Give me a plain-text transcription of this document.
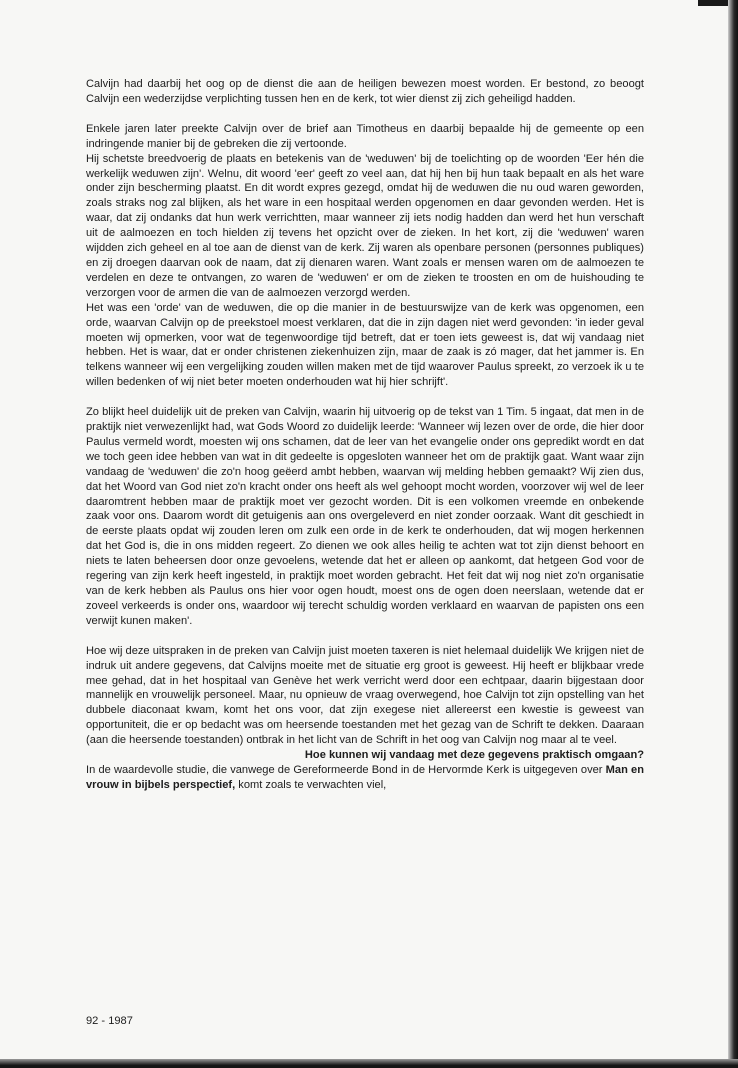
Calvijn had daarbij het oog op de dienst die aan de heiligen bewezen moest worden. Er bestond, zo beoogt Calvijn een wederzijdse verplichting tussen hen en de kerk, tot wier dienst zij zich geheiligd hadden.

Enkele jaren later preekte Calvijn over de brief aan Timotheus en daarbij bepaalde hij de gemeente op een indringende manier bij de gebreken die zij vertoonde.

Hij schetste breedvoerig de plaats en betekenis van de 'weduwen' bij de toelichting op de woorden 'Eer hén die werkelijk weduwen zijn'. Welnu, dit woord 'eer' geeft zo veel aan, dat hij hen bij hun taak bepaalt en als het ware onder zijn bescherming plaatst. En dit wordt expres gezegd, omdat hij de weduwen die nu oud waren geworden, zoals straks nog zal blijken, als het ware in een hospitaal werden opgenomen en daar gevonden werden. Het is waar, dat zij ondanks dat hun werk verrichtten, maar wanneer zij iets nodig hadden dan werd het hun verschaft uit de aalmoezen en toch hielden zij tevens het opzicht over de zieken. In het kort, zij die 'weduwen' waren wijdden zich geheel en al toe aan de dienst van de kerk. Zij waren als openbare personen (personnes publiques) en zij droegen daarvan ook de naam, dat zij dienaren waren. Want zoals er mensen waren om de aalmoezen te verdelen en deze te ontvangen, zo waren de 'weduwen' er om de zieken te troosten en om de huishouding te verzorgen voor de armen die van de aalmoezen verzorgd werden.

Het was een 'orde' van de weduwen, die op die manier in de bestuurswijze van de kerk was opgenomen, een orde, waarvan Calvijn op de preekstoel moest verklaren, dat die in zijn dagen niet werd gevonden: 'in ieder geval moeten wij opmerken, voor wat de tegenwoordige tijd betreft, dat er toen iets geweest is, dat wij vandaag niet hebben. Het is waar, dat er onder christenen ziekenhuizen zijn, maar de zaak is zó mager, dat het jammer is. En telkens wanneer wij een vergelijking zouden willen maken met de tijd waarover Paulus spreekt, zo verzoek ik u te willen bedenken of wij niet beter moeten onderhouden wat hij hier schrijft'.

Zo blijkt heel duidelijk uit de preken van Calvijn, waarin hij uitvoerig op de tekst van 1 Tim. 5 ingaat, dat men in de praktijk niet verwezenlijkt had, wat Gods Woord zo duidelijk leerde: 'Wanneer wij lezen over de orde, die hier door Paulus vermeld wordt, moesten wij ons schamen, dat de leer van het evangelie onder ons gepredikt wordt en dat we toch geen idee hebben van wat in dit gedeelte is opgesloten wanneer het om de praktijk gaat. Want waar zijn vandaag de 'weduwen' die zo'n hoog geëerd ambt hebben, waarvan wij melding hebben gemaakt? Wij zien dus, dat het Woord van God niet zo'n kracht onder ons heeft als wel gehoopt mocht worden, voorzover wij wel de leer daaromtrent hebben maar de praktijk moet ver gezocht worden. Dit is een volkomen vreemde en onbekende zaak voor ons. Daarom wordt dit getuigenis aan ons overgeleverd en niet zonder oorzaak. Want dit geschiedt in de eerste plaats opdat wij zouden leren om zulk een orde in de kerk te onderhouden, dat wij mogen herkennen dat het God is, die in ons midden regeert. Zo dienen we ook alles heilig te achten wat tot zijn dienst behoort en niets te laten beheersen door onze gevoelens, wetende dat het er alleen op aankomt, dat hetgeen God voor de regering van zijn kerk heeft ingesteld, in praktijk moet worden gebracht. Het feit dat wij nog niet zo'n organisatie van de kerk hebben als Paulus ons hier voor ogen houdt, moest ons de ogen doen neerslaan, wetende dat er zoveel verkeerds is onder ons, waardoor wij terecht schuldig worden verklaard en waarvan de papisten ons een verwijt kunen maken'.

Hoe wij deze uitspraken in de preken van Calvijn juist moeten taxeren is niet helemaal duidelijk We krijgen niet de indruk uit andere gegevens, dat Calvijns moeite met de situatie erg groot is geweest. Hij heeft er blijkbaar vrede mee gehad, dat in het hospitaal van Genève het werk verricht werd door een echtpaar, daarin bijgestaan door mannelijk en vrouwelijk personeel. Maar, nu opnieuw de vraag overwegend, hoe Calvijn tot zijn opstelling van het dubbele diaconaat kwam, komt het ons voor, dat zijn exegese niet allereerst een kwestie is geweest van opportuniteit, die er op bedacht was om heersende toestanden met het gezag van de Schrift te dekken. Daaraan (aan die heersende toestanden) ontbrak in het licht van de Schrift in het oog van Calvijn nog maar al te veel.

Hoe kunnen wij vandaag met deze gegevens praktisch omgaan?

In de waardevolle studie, die vanwege de Gereformeerde Bond in de Hervormde Kerk is uitgegeven over Man en vrouw in bijbels perspectief, komt zoals te verwachten viel,

92 - 1987
